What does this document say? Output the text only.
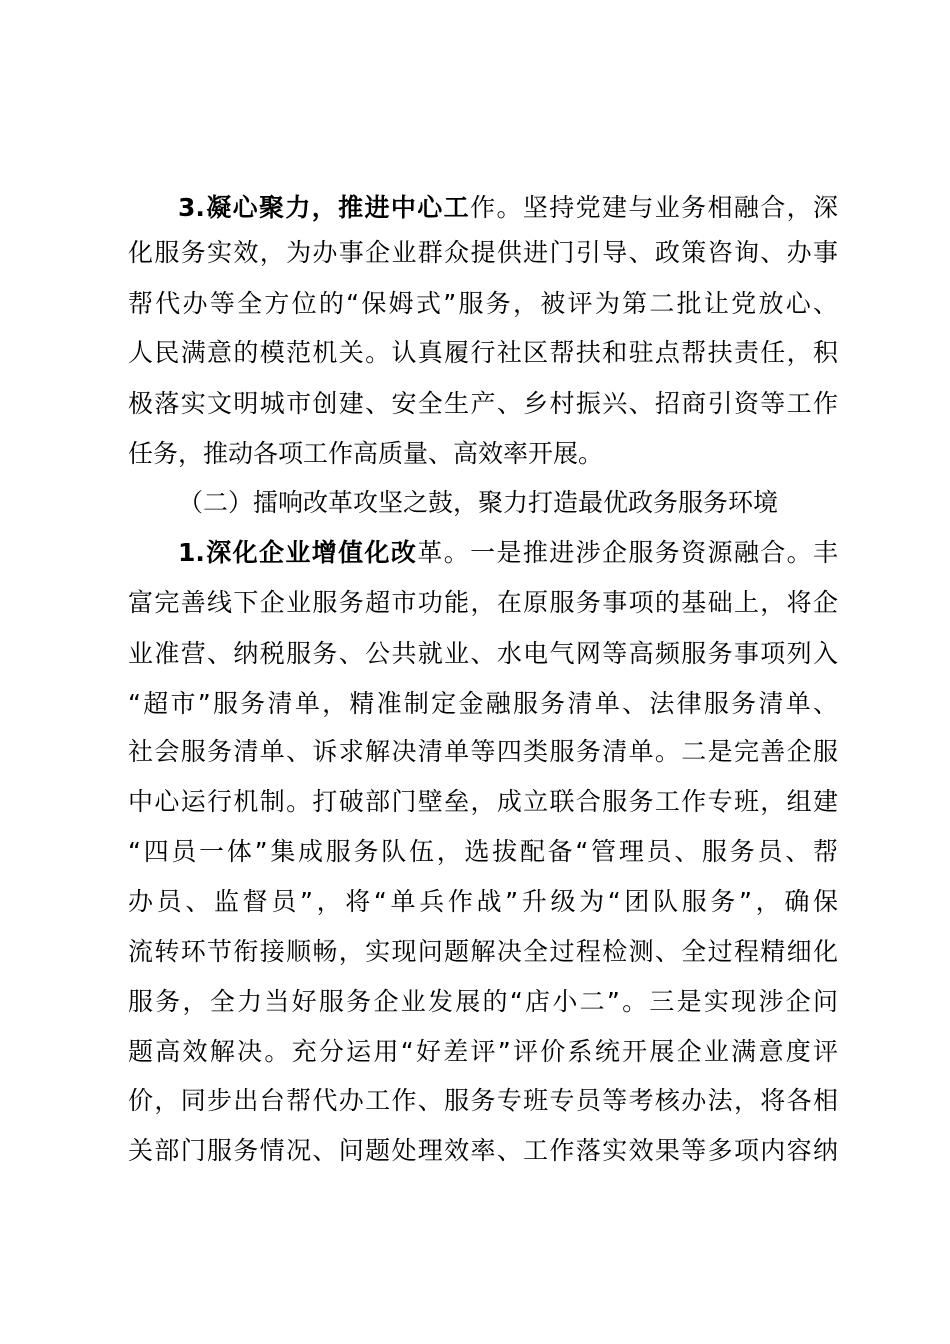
3.凝心聚力，推进中心工作。坚持党建与业务相融合，深
化服务实效，为办事企业群众提供进门引导、政策咨询、办事
帮代办等全方位的“保姆式”服务，被评为第二批让党放心、
人民满意的模范机关。认真履行社区帮扶和驻点帮扶责任，积
极落实文明城市创建、安全生产、乡村振兴、招商引资等工作
任务，推动各项工作高质量、高效率开展。
（二）擂响改革攻坚之鼓，聚力打造最优政务服务环境
1.深化企业增值化改革。一是推进涉企服务资源融合。丰
富完善线下企业服务超市功能，在原服务事项的基础上，将企
业准营、纳税服务、公共就业、水电气网等高频服务事项列入
“超市”服务清单，精准制定金融服务清单、法律服务清单、
社会服务清单、诉求解决清单等四类服务清单。二是完善企服
中心运行机制。打破部门壁垒，成立联合服务工作专班，组建
“四员一体”集成服务队伍，选拔配备“管理员、服务员、帮
办员、监督员”，将“单兵作战”升级为“团队服务”，确保
流转环节衔接顺畅，实现问题解决全过程检测、全过程精细化
服务，全力当好服务企业发展的“店小二”。三是实现涉企问
题高效解决。充分运用“好差评”评价系统开展企业满意度评
价，同步出台帮代办工作、服务专班专员等考核办法，将各相
关部门服务情况、问题处理效率、工作落实效果等多项内容纳
